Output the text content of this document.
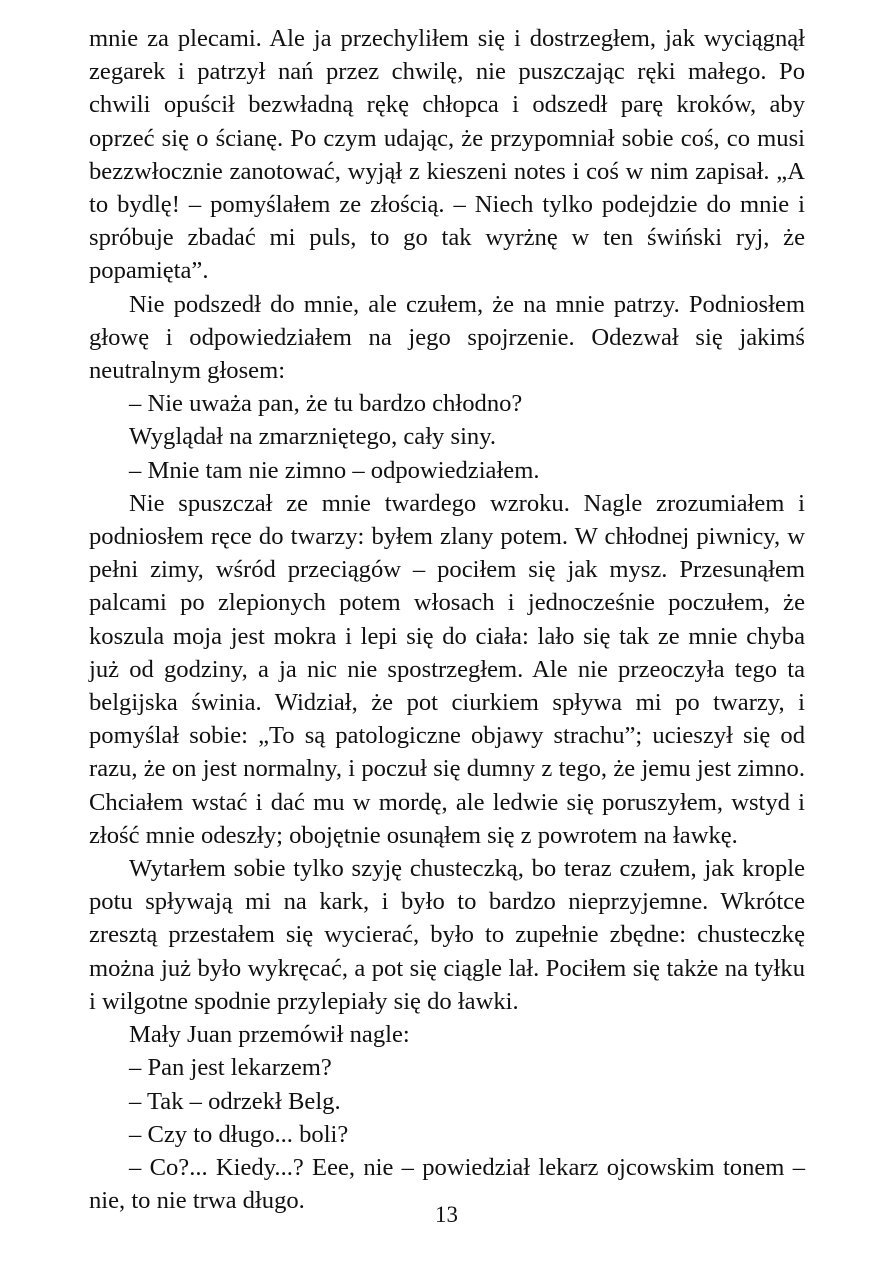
mnie za plecami. Ale ja przechyliłem się i dostrzegłem, jak wyciągnął zegarek i patrzył nań przez chwilę, nie puszczając ręki małego. Po chwili opuścił bezwładną rękę chłopca i odszedł parę kroków, aby oprzeć się o ścianę. Po czym udając, że przypomniał sobie coś, co musi bezzwłocznie zanotować, wyjął z kieszeni notes i coś w nim zapisał. „A to bydlę! – pomyślałem ze złością. – Niech tylko podejdzie do mnie i spróbuje zbadać mi puls, to go tak wyrżnę w ten świński ryj, że popamięta”.

Nie podszedł do mnie, ale czułem, że na mnie patrzy. Podniosłem głowę i odpowiedziałem na jego spojrzenie. Odezwał się jakimś neutralnym głosem:

– Nie uważa pan, że tu bardzo chłodno?

Wyglądał na zmarzniętego, cały siny.

– Mnie tam nie zimno – odpowiedziałem.

Nie spuszczał ze mnie twardego wzroku. Nagle zrozumiałem i podniosłem ręce do twarzy: byłem zlany potem. W chłodnej piwnicy, w pełni zimy, wśród przeciągów – pociłem się jak mysz. Przesunąłem palcami po zlepionych potem włosach i jednocześnie poczułem, że koszula moja jest mokra i lepi się do ciała: lało się tak ze mnie chyba już od godziny, a ja nic nie spostrzegłem. Ale nie przeoczyła tego ta belgijska świnia. Widział, że pot ciurkiem spływa mi po twarzy, i pomyślał sobie: „To są patologiczne objawy strachu”; ucieszył się od razu, że on jest normalny, i poczuł się dumny z tego, że jemu jest zimno. Chciałem wstać i dać mu w mordę, ale ledwie się poruszyłem, wstyd i złość mnie odeszły; obojętnie osunąłem się z powrotem na ławkę.

Wytarłem sobie tylko szyję chusteczką, bo teraz czułem, jak krople potu spływają mi na kark, i było to bardzo nieprzyjemne. Wkrótce zresztą przestałem się wycierać, było to zupełnie zbędne: chusteczkę można już było wykręcać, a pot się ciągle lał. Pociłem się także na tyłku i wilgotne spodnie przylepiały się do ławki.

Mały Juan przemówił nagle:

– Pan jest lekarzem?

– Tak – odrzekł Belg.

– Czy to długo... boli?

– Co?... Kiedy...? Eee, nie – powiedział lekarz ojcowskim tonem – nie, to nie trwa długo.

13
